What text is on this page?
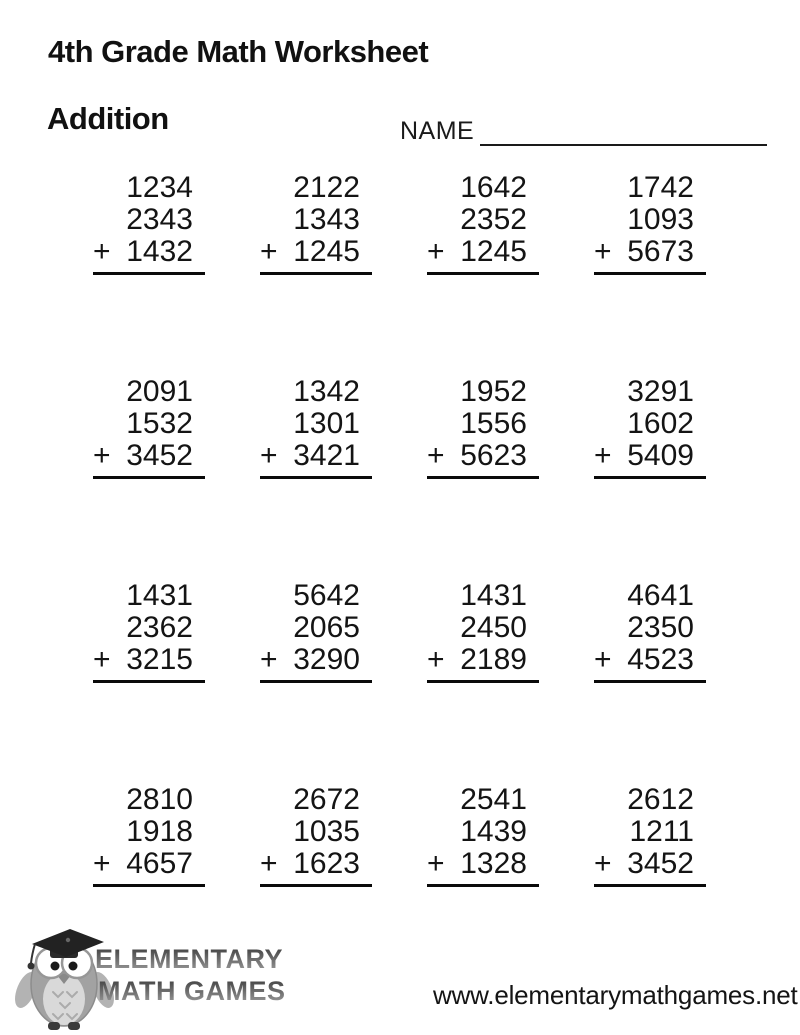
4th Grade Math Worksheet
Addition	NAME
1234
2343
+ 1432
2122
1343
+ 1245
1642
2352
+ 1245
1742
1093
+ 5673
2091
1532
+ 3452
1342
1301
+ 3421
1952
1556
+ 5623
3291
1602
+ 5409
1431
2362
+ 3215
5642
2065
+ 3290
1431
2450
+ 2189
4641
2350
+ 4523
2810
1918
+ 4657
2672
1035
+ 1623
2541
1439
+ 1328
2612
1211
+ 3452
ELEMENTARY
MATH GAMES	www.elementarymathgames.net
